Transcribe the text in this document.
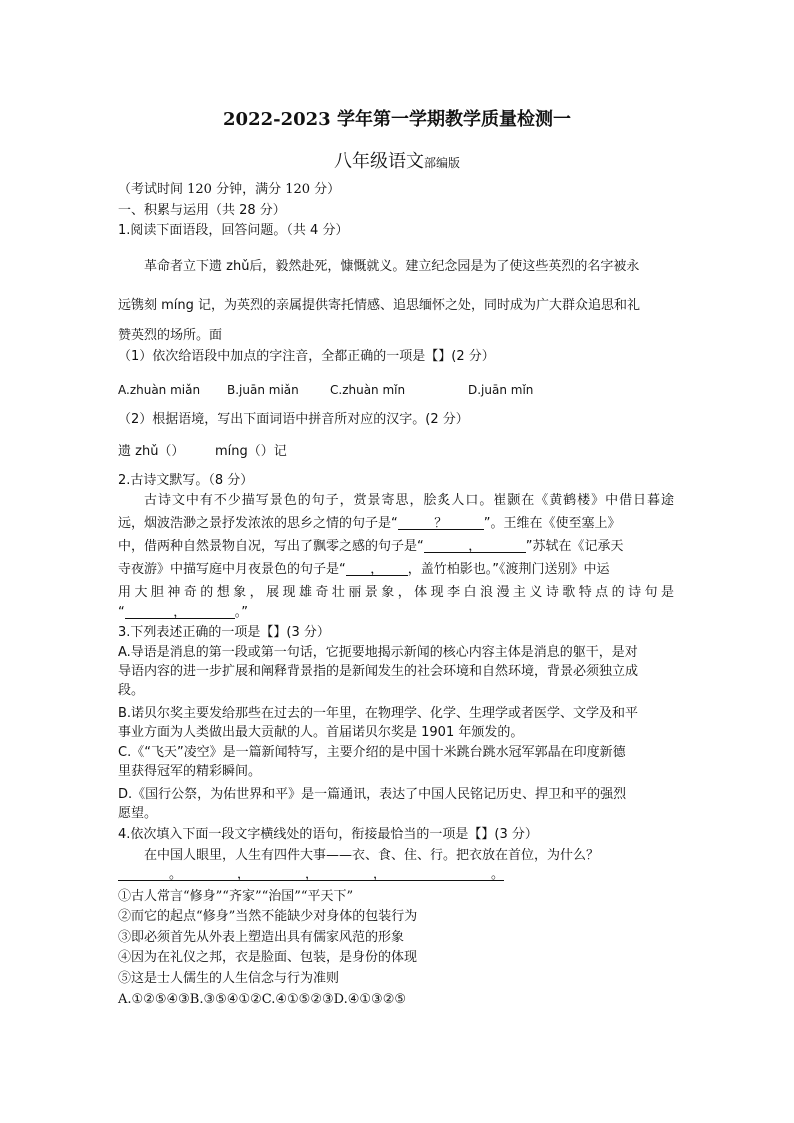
2022-2023 学年第一学期教学质量检测一
八年级语文部编版
（考试时间 120 分钟，满分 120 分）
一、积累与运用（共 28 分）
1.阅读下面语段，回答问题。（共 4 分）
革命者立下遗 zhǔ后，毅然赴死，慷慨就义。建立纪念园是为了使这些英烈的名字被永
远镌刻 míng 记，为英烈的亲属提供寄托情感、追思缅怀之处，同时成为广大群众追思和礼
赞英烈的场所。面
（1）依次给语段中加点的字注音，全都正确的一项是【】(2 分）
A.zhuàn miǎn B.juān miǎn	C.zhuàn mǐn	D.juān mǐn
（2）根据语境，写出下面词语中拼音所对应的汉字。(2 分）
遗 zhǔ（） míng（）记
2.古诗文默写。（8 分）
古诗文中有不少描写景色的句子，赏景寄思，脍炙人口。崔颢在《黄鹤楼》中借日暮途
远，烟波浩渺之景抒发浓浓的思乡之情的句子是“	？	”。王维在《使至塞上》
中，借两种自然景物自况，写出了飘零之感的句子是“	，	”苏轼在《记承天
寺夜游》中描写庭中月夜景色的句子是“ ， ，盖竹柏影也。”《渡荆门送别》中运
用大胆神奇的想象，展现雄奇壮丽景象，体现李白浪漫主义诗歌特点的诗句是
“	，	。”
3.下列表述正确的一项是【】(3 分）
A.导语是消息的第一段或第一句话，它扼要地揭示新闻的核心内容主体是消息的躯干，是对
导语内容的进一步扩展和阐释背景指的是新闻发生的社会环境和自然环境，背景必须独立成
段。
B.诺贝尔奖主要发给那些在过去的一年里，在物理学、化学、生理学或者医学、文学及和平
事业方面为人类做出最大贡献的人。首届诺贝尔奖是 1901 年颁发的。
C.《“飞天”凌空》是一篇新闻特写，主要介绍的是中国十米跳台跳水冠军郭晶在印度新德
里获得冠军的精彩瞬间。
D.《国行公祭，为佑世界和平》是一篇通讯，表达了中国人民铭记历史、捍卫和平的强烈
愿望。
4.依次填入下面一段文字横线处的语句，衔接最恰当的一项是【】(3 分）
在中国人眼里，人生有四件大事——衣、食、住、行。把衣放在首位，为什么？
。	，	，	，	。
①古人常言“修身”“齐家”“治国”“平天下”
②而它的起点“修身”当然不能缺少对身体的包装行为
③即必须首先从外表上塑造出具有儒家风范的形象
④因为在礼仪之邦，衣是脸面、包装，是身份的体现
⑤这是士人儒生的人生信念与行为准则
A.①②⑤④③B.③⑤④①②C.④①⑤②③D.④①③②⑤
